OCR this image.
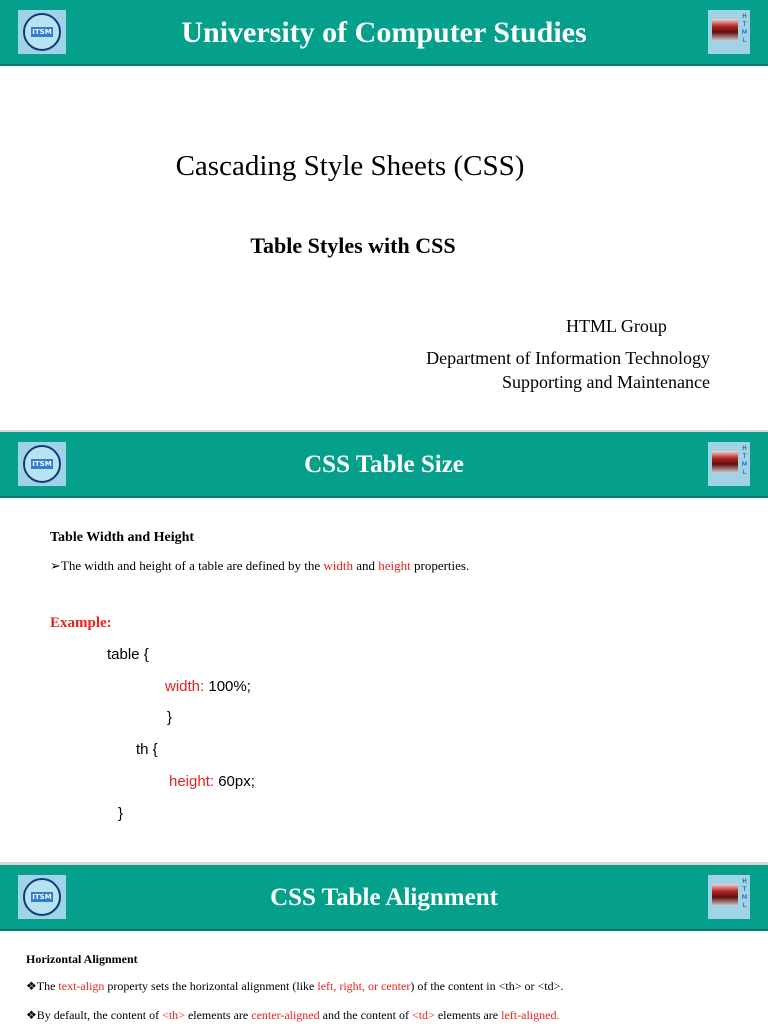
ITSM	University of Computer Studies	H
T
M
L
Cascading Style Sheets (CSS)
Table Styles with CSS
HTML Group
Department of Information Technology
Supporting and Maintenance
ITSM	CSS Table Size
H
T
M
L
Table Width and Height
➢The width and height of a table are defined by the width and height properties.
Example:
table {
width: 100%;
}
th {
height: 60px;
}
ITSM	CSS Table Alignment
H
T
M
L
Horizontal Alignment
❖The text-align property sets the horizontal alignment (like left, right, or center) of the content in <th> or <td>.
❖By default, the content of <th> elements are center-aligned and the content of <td> elements are left-aligned.
